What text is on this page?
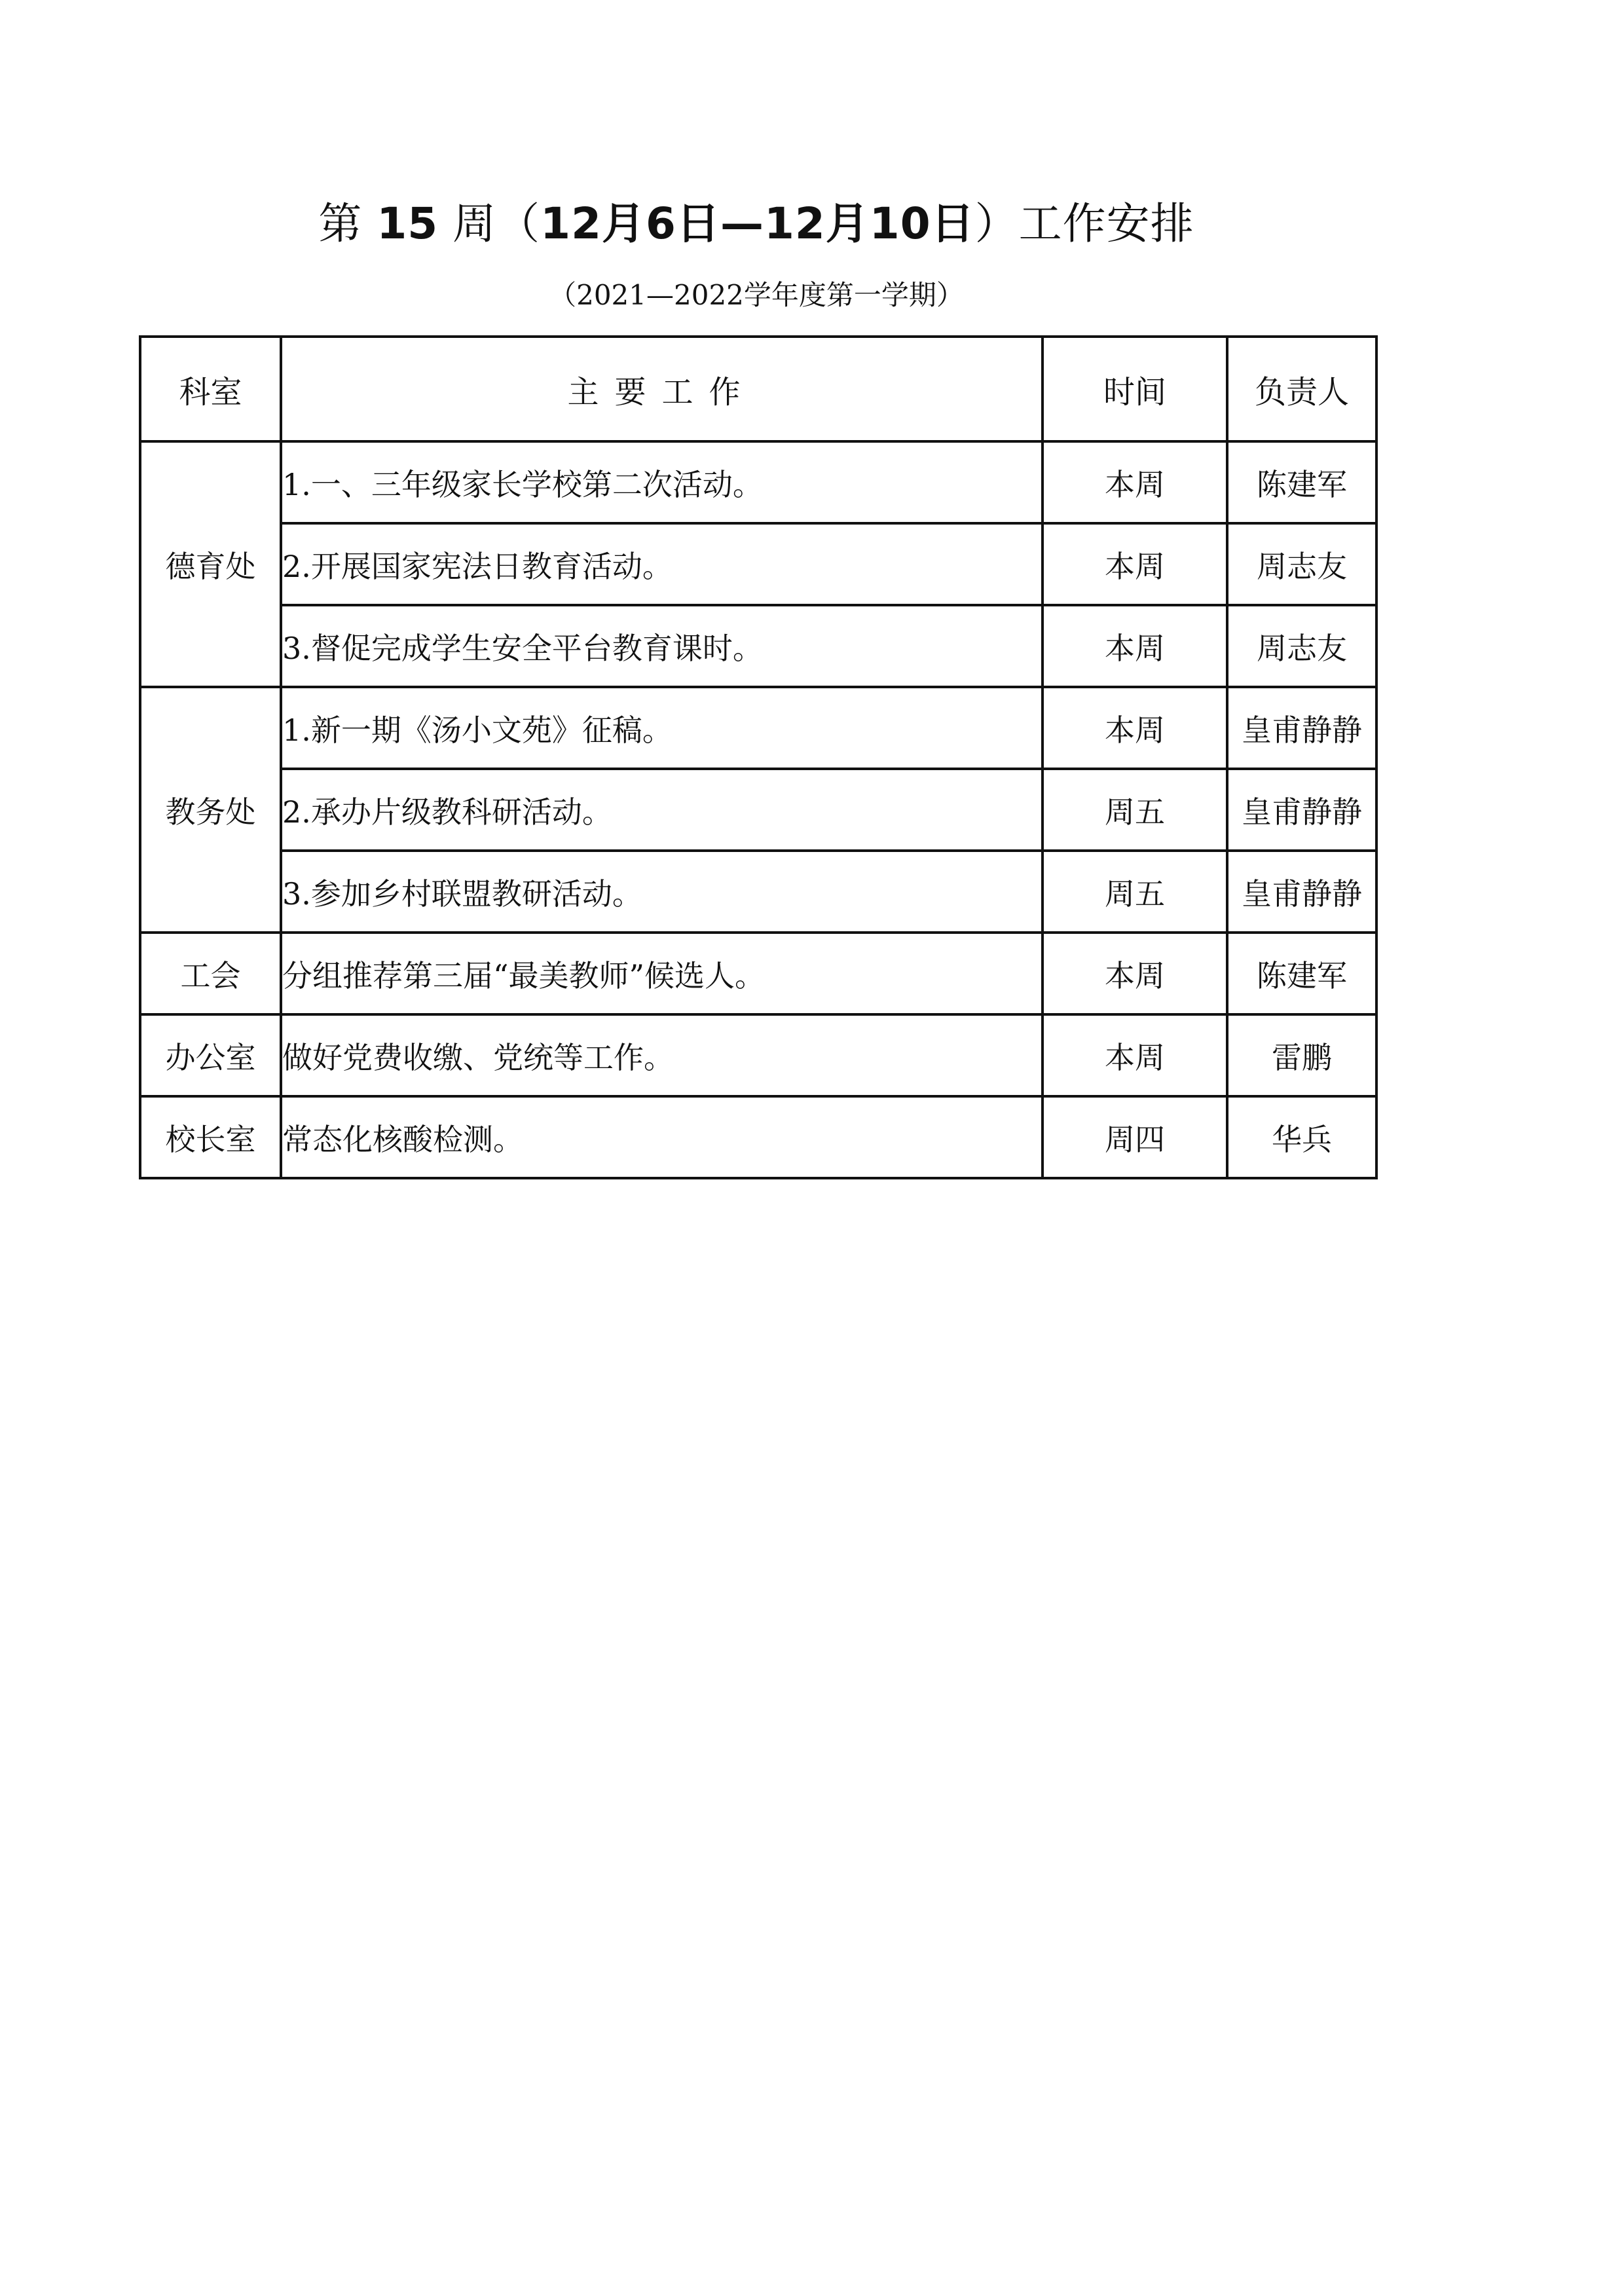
第 15 周（12月6日—12月10日）工作安排

（2021—2022学年度第一学期）

科室	主要工作	时间	负责人
德育处	1.一、三年级家长学校第二次活动。	本周	陈建军
	2.开展国家宪法日教育活动。	本周	周志友
	3.督促完成学生安全平台教育课时。	本周	周志友
教务处	1.新一期《汤小文苑》征稿。	本周	皇甫静静
	2.承办片级教科研活动。	周五	皇甫静静
	3.参加乡村联盟教研活动。	周五	皇甫静静
工会	分组推荐第三届“最美教师”候选人。	本周	陈建军
办公室	做好党费收缴、党统等工作。	本周	雷鹏
校长室	常态化核酸检测。	周四	华兵
